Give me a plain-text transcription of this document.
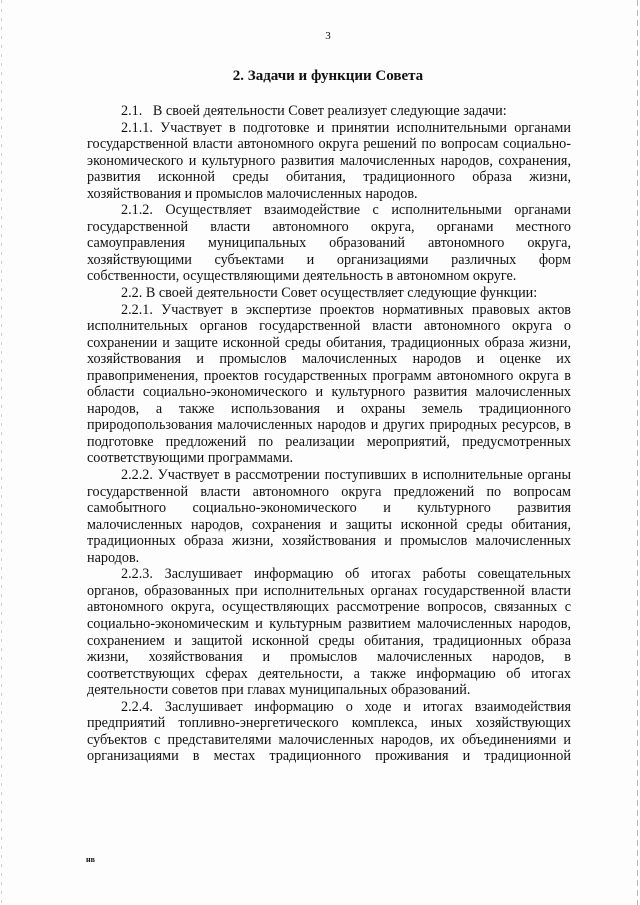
3
2. Задачи и функции Совета

2.1.   В своей деятельности Совет реализует следующие задачи:

2.1.1. Участвует в подготовке и принятии исполнительными органами государственной власти автономного округа решений по вопросам социально-экономического и культурного развития малочисленных народов, сохранения, развития исконной среды обитания, традиционного образа жизни, хозяйствования и промыслов малочисленных народов.

2.1.2. Осуществляет взаимодействие с исполнительными органами государственной власти автономного округа, органами местного самоуправления муниципальных образований автономного округа, хозяйствующими субъектами и организациями различных форм собственности, осуществляющими деятельность в автономном округе.

2.2. В своей деятельности Совет осуществляет следующие функции:

2.2.1. Участвует в экспертизе проектов нормативных правовых актов исполнительных органов государственной власти автономного округа о сохранении и защите исконной среды обитания, традиционных образа жизни, хозяйствования и промыслов малочисленных народов и оценке их правоприменения, проектов государственных программ автономного округа в области социально-экономического и культурного развития малочисленных народов, а также использования и охраны земель традиционного природопользования малочисленных народов и других природных ресурсов, в подготовке предложений по реализации мероприятий, предусмотренных соответствующими программами.

2.2.2. Участвует в рассмотрении поступивших в исполнительные органы государственной власти автономного округа предложений по вопросам самобытного социально-экономического и культурного развития малочисленных народов, сохранения и защиты исконной среды обитания, традиционных образа жизни, хозяйствования и промыслов малочисленных народов.

2.2.3. Заслушивает информацию об итогах работы совещательных органов, образованных при исполнительных органах государственной власти автономного округа, осуществляющих рассмотрение вопросов, связанных с социально-экономическим и культурным развитием малочисленных народов, сохранением и защитой исконной среды обитания, традиционных образа жизни, хозяйствования и промыслов малочисленных народов, в соответствующих сферах деятельности, а также информацию об итогах деятельности советов при главах муниципальных образований.

2.2.4. Заслушивает информацию о ходе и итогах взаимодействия предприятий топливно-энергетического комплекса, иных хозяйствующих субъектов с представителями малочисленных народов, их объединениями и организациями в местах традиционного проживания и традиционной

нв
